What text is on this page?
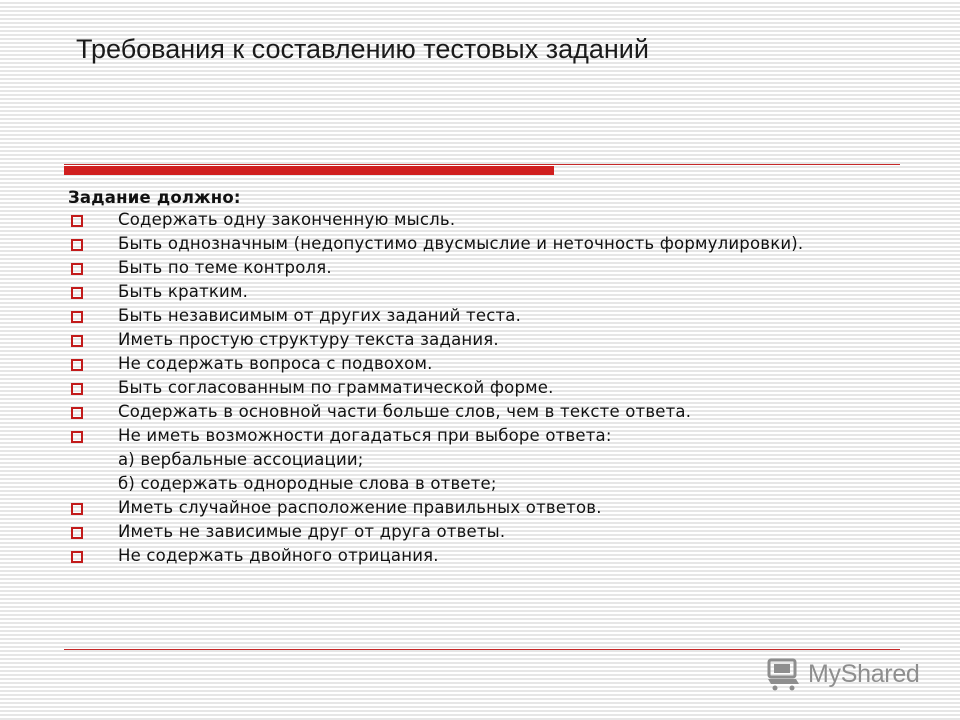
Требования к составлению тестовых заданий
Задание должно:
Содержать одну законченную мысль.
Быть однозначным (недопустимо двусмыслие и неточность формулировки).
Быть по теме контроля.
Быть кратким.
Быть независимым от других заданий теста.
Иметь простую структуру текста задания.
Не содержать вопроса с подвохом.
Быть согласованным по грамматической форме.
Содержать в основной части больше слов, чем в тексте ответа.
Не иметь возможности догадаться при выборе ответа:
а) вербальные ассоциации;
б) содержать однородные слова в ответе;
Иметь случайное расположение правильных ответов.
Иметь не зависимые друг от друга ответы.
Не содержать двойного отрицания.
MyShared
